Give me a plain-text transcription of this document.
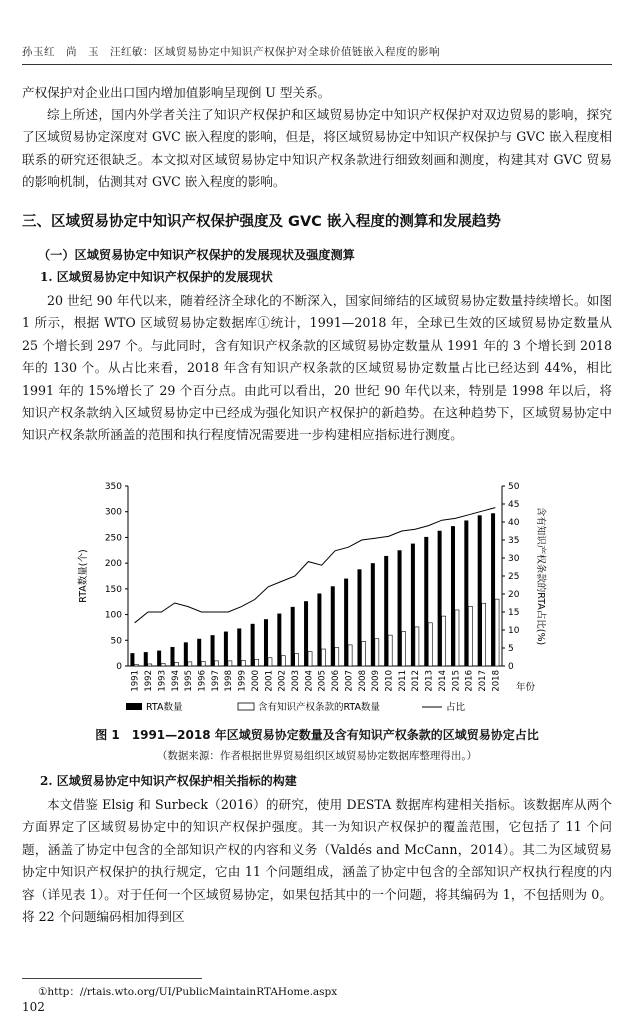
孙玉红　尚　玉　汪红敏：区域贸易协定中知识产权保护对全球价值链嵌入程度的影响

产权保护对企业出口国内增加值影响呈现倒 U 型关系。

综上所述，国内外学者关注了知识产权保护和区域贸易协定中知识产权保护对双边贸易的影响，探究了区域贸易协定深度对 GVC 嵌入程度的影响，但是，将区域贸易协定中知识产权保护与 GVC 嵌入程度相联系的研究还很缺乏。本文拟对区域贸易协定中知识产权条款进行细致刻画和测度，构建其对 GVC 贸易的影响机制，估测其对 GVC 嵌入程度的影响。

三、区域贸易协定中知识产权保护强度及 GVC 嵌入程度的测算和发展趋势
（一）区域贸易协定中知识产权保护的发展现状及强度测算
1. 区域贸易协定中知识产权保护的发展现状

20 世纪 90 年代以来，随着经济全球化的不断深入，国家间缔结的区域贸易协定数量持续增长。如图 1 所示，根据 WTO 区域贸易协定数据库①统计，1991—2018 年，全球已生效的区域贸易协定数量从 25 个增长到 297 个。与此同时，含有知识产权条款的区域贸易协定数量从 1991 年的 3 个增长到 2018 年的 130 个。从占比来看，2018 年含有知识产权条款的区域贸易协定数量占比已经达到 44%，相比 1991 年的 15%增长了 29 个百分点。由此可以看出，20 世纪 90 年代以来，特别是 1998 年以后，将知识产权条款纳入区域贸易协定中已经成为强化知识产权保护的新趋势。在这种趋势下，区域贸易协定中知识产权条款所涵盖的范围和执行程度情况需要进一步构建相应指标进行测度。

0
50
100
150
200
250
300
350
0
5
10
15
20
25
30
35
40
45
50
1991 1992 1993 1994 1995 1996 1997 1998 1999 2000 2001 2002 2003 2004 2005 2006 2007 2008 2009 2010 2011 2012 2013 2014 2015 2016 2017 2018 年份
RTA数量(个)	含有知识产权条款的RTA占比(%)
RTA数量	含有知识产权条款的RTA数量	占比
图 1　1991—2018 年区域贸易协定数量及含有知识产权条款的区域贸易协定占比
（数据来源：作者根据世界贸易组织区域贸易协定数据库整理得出。）
2. 区域贸易协定中知识产权保护相关指标的构建

本文借鉴 Elsig 和 Surbeck（2016）的研究，使用 DESTA 数据库构建相关指标。该数据库从两个方面界定了区域贸易协定中的知识产权保护强度。其一为知识产权保护的覆盖范围，它包括了 11 个问题，涵盖了协定中包含的全部知识产权的内容和义务（Valdés and McCann，2014）。其二为区域贸易协定中知识产权保护的执行规定，它由 11 个问题组成，涵盖了协定中包含的全部知识产权执行程度的内容（详见表 1）。对于任何一个区域贸易协定，如果包括其中的一个问题，将其编码为 1，不包括则为 0。将 22 个问题编码相加得到区

①http：//rtais.wto.org/UI/PublicMaintainRTAHome.aspx
102
